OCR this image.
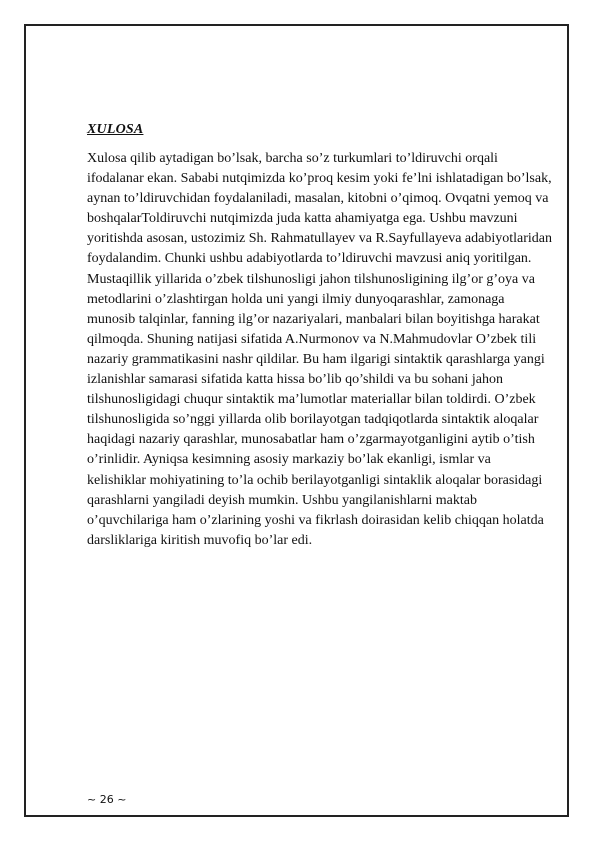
XULOSA
Xulosa qilib aytadigan bo’lsak, barcha so’z turkumlari to’ldiruvchi orqali
ifodalanar ekan. Sababi nutqimizda ko’proq kesim yoki fe’lni ishlatadigan bo’lsak,
aynan to’ldiruvchidan foydalaniladi, masalan, kitobni o’qimoq. Ovqatni yemoq va
boshqalarToldiruvchi nutqimizda juda katta ahamiyatga ega. Ushbu mavzuni
yoritishda asosan, ustozimiz Sh. Rahmatullayev va R.Sayfullayeva adabiyotlaridan
foydalandim. Chunki ushbu adabiyotlarda to’ldiruvchi mavzusi aniq yoritilgan.
Mustaqillik yillarida o’zbek tilshunosligi jahon tilshunosligining ilg’or g’oya va
metodlarini o’zlashtirgan holda uni yangi ilmiy dunyoqarashlar, zamonaga
munosib talqinlar, fanning ilg’or nazariyalari, manbalari bilan boyitishga harakat
qilmoqda. Shuning natijasi sifatida A.Nurmonov va N.Mahmudovlar O’zbek tili
nazariy grammatikasini nashr qildilar. Bu ham ilgarigi sintaktik qarashlarga yangi
izlanishlar samarasi sifatida katta hissa bo’lib qo’shildi va bu sohani jahon
tilshunosligidagi chuqur sintaktik ma’lumotlar materiallar bilan toldirdi. O’zbek
tilshunosligida so’nggi yillarda olib borilayotgan tadqiqotlarda sintaktik aloqalar
haqidagi nazariy qarashlar, munosabatlar ham o’zgarmayotganligini aytib o’tish
o’rinlidir. Ayniqsa kesimning asosiy markaziy bo’lak ekanligi, ismlar va
kelishiklar mohiyatining to’la ochib berilayotganligi sintaklik aloqalar borasidagi
qarashlarni yangiladi deyish mumkin. Ushbu yangilanishlarni maktab
o’quvchilariga ham o’zlarining yoshi va fikrlash doirasidan kelib chiqqan holatda
darsliklariga kiritish muvofiq bo’lar edi.
~ 26 ~
